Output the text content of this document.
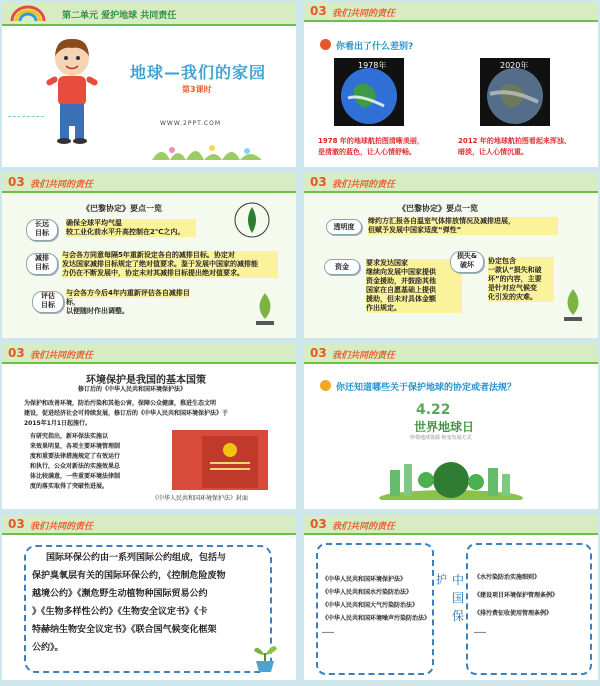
第二单元 爱护地球 共同责任
地球—我们的家园
第3课时
WWW.2PPT.COM
03 我们共同的责任
你看出了什么差别?
1978年	2020年
1978 年的地球航拍图清晰美丽，
是清澈的蓝色，让人心情舒畅。
2012 年的地球航拍图看起来浑浊、
暗淡，让人心情沉重。
03 我们共同的责任
《巴黎协定》要点一览
长远
目标
确保全球平均气温
较工业化前水平升高控制在2℃之内。
减排
目标
与会各方同意每隔5年重新设定各自的减排目标。协定对
发达国家减排目标规定了绝对值要求。鉴于发展中国家的减排能
力仍在不断发展中，协定未对其减排目标提出绝对值要求。
评估
目标
与会各方今后4年内重新评估各自减排目
标，
以便随时作出调整。
03 我们共同的责任
《巴黎协定》要点一览
透明度
缔约方汇报各自温室气体排放情况及减排进展，
但赋予发展中国家适度“弹性”
资金	要求发达国家
继续向发展中国家提供
资金援助，并鼓励其他
国家在自愿基础上提供
援助，但未对具体金额
作出规定。
损失&
破坏	协定包含
一款认“损失和破
坏”的内容，主要
是针对应气候变
化引发的灾难。
03 我们共同的责任
环境保护是我国的基本国策
修订后的《中华人民共和国环境保护法》
为保护和改善环境，防治污染和其他公害，保障公众健康，推进生态文明
建设，促进经济社会可持续发展，修订后的《中华人民共和国环境保护法》于
2015年1月1日起施行。
有研究指出，新环保法实施以
来效果明显，各项主要环境管理制
度和重要法律措施规定了有效运行
和执行，公众对新法的实施效果总
体比较满意，一些重要环境法律制
度的落实取得了突破性进展。
《中华人民共和国环境保护法》封面
03 我们共同的责任
你还知道哪些关于保护地球的协定或者法规？
4.22
世界地球日
珍惜地球资源 转变发展方式
03 我们共同的责任
国际环保公约由一系列国际公约组成，包括与
保护臭氧层有关的国际环保公约，《控制危险废物
越境公约》《濒危野生动植物种国际贸易公约
》《生物多样性公约》《生物安全议定书》《卡
特赫纳生物安全议定书》《联合国气候变化框架
公约》。
03 我们共同的责任
《中华人民共和国环境保护法》
《中华人民共和国水污染防治法》
《中华人民共和国大气污染防治法》
《中华人民共和国环境噪声污染防治法》
……
护 中
国
保
《水污染防治实施细则》
《建设项目环境保护管理条例》
《排污费征收使用管理条例》
……
